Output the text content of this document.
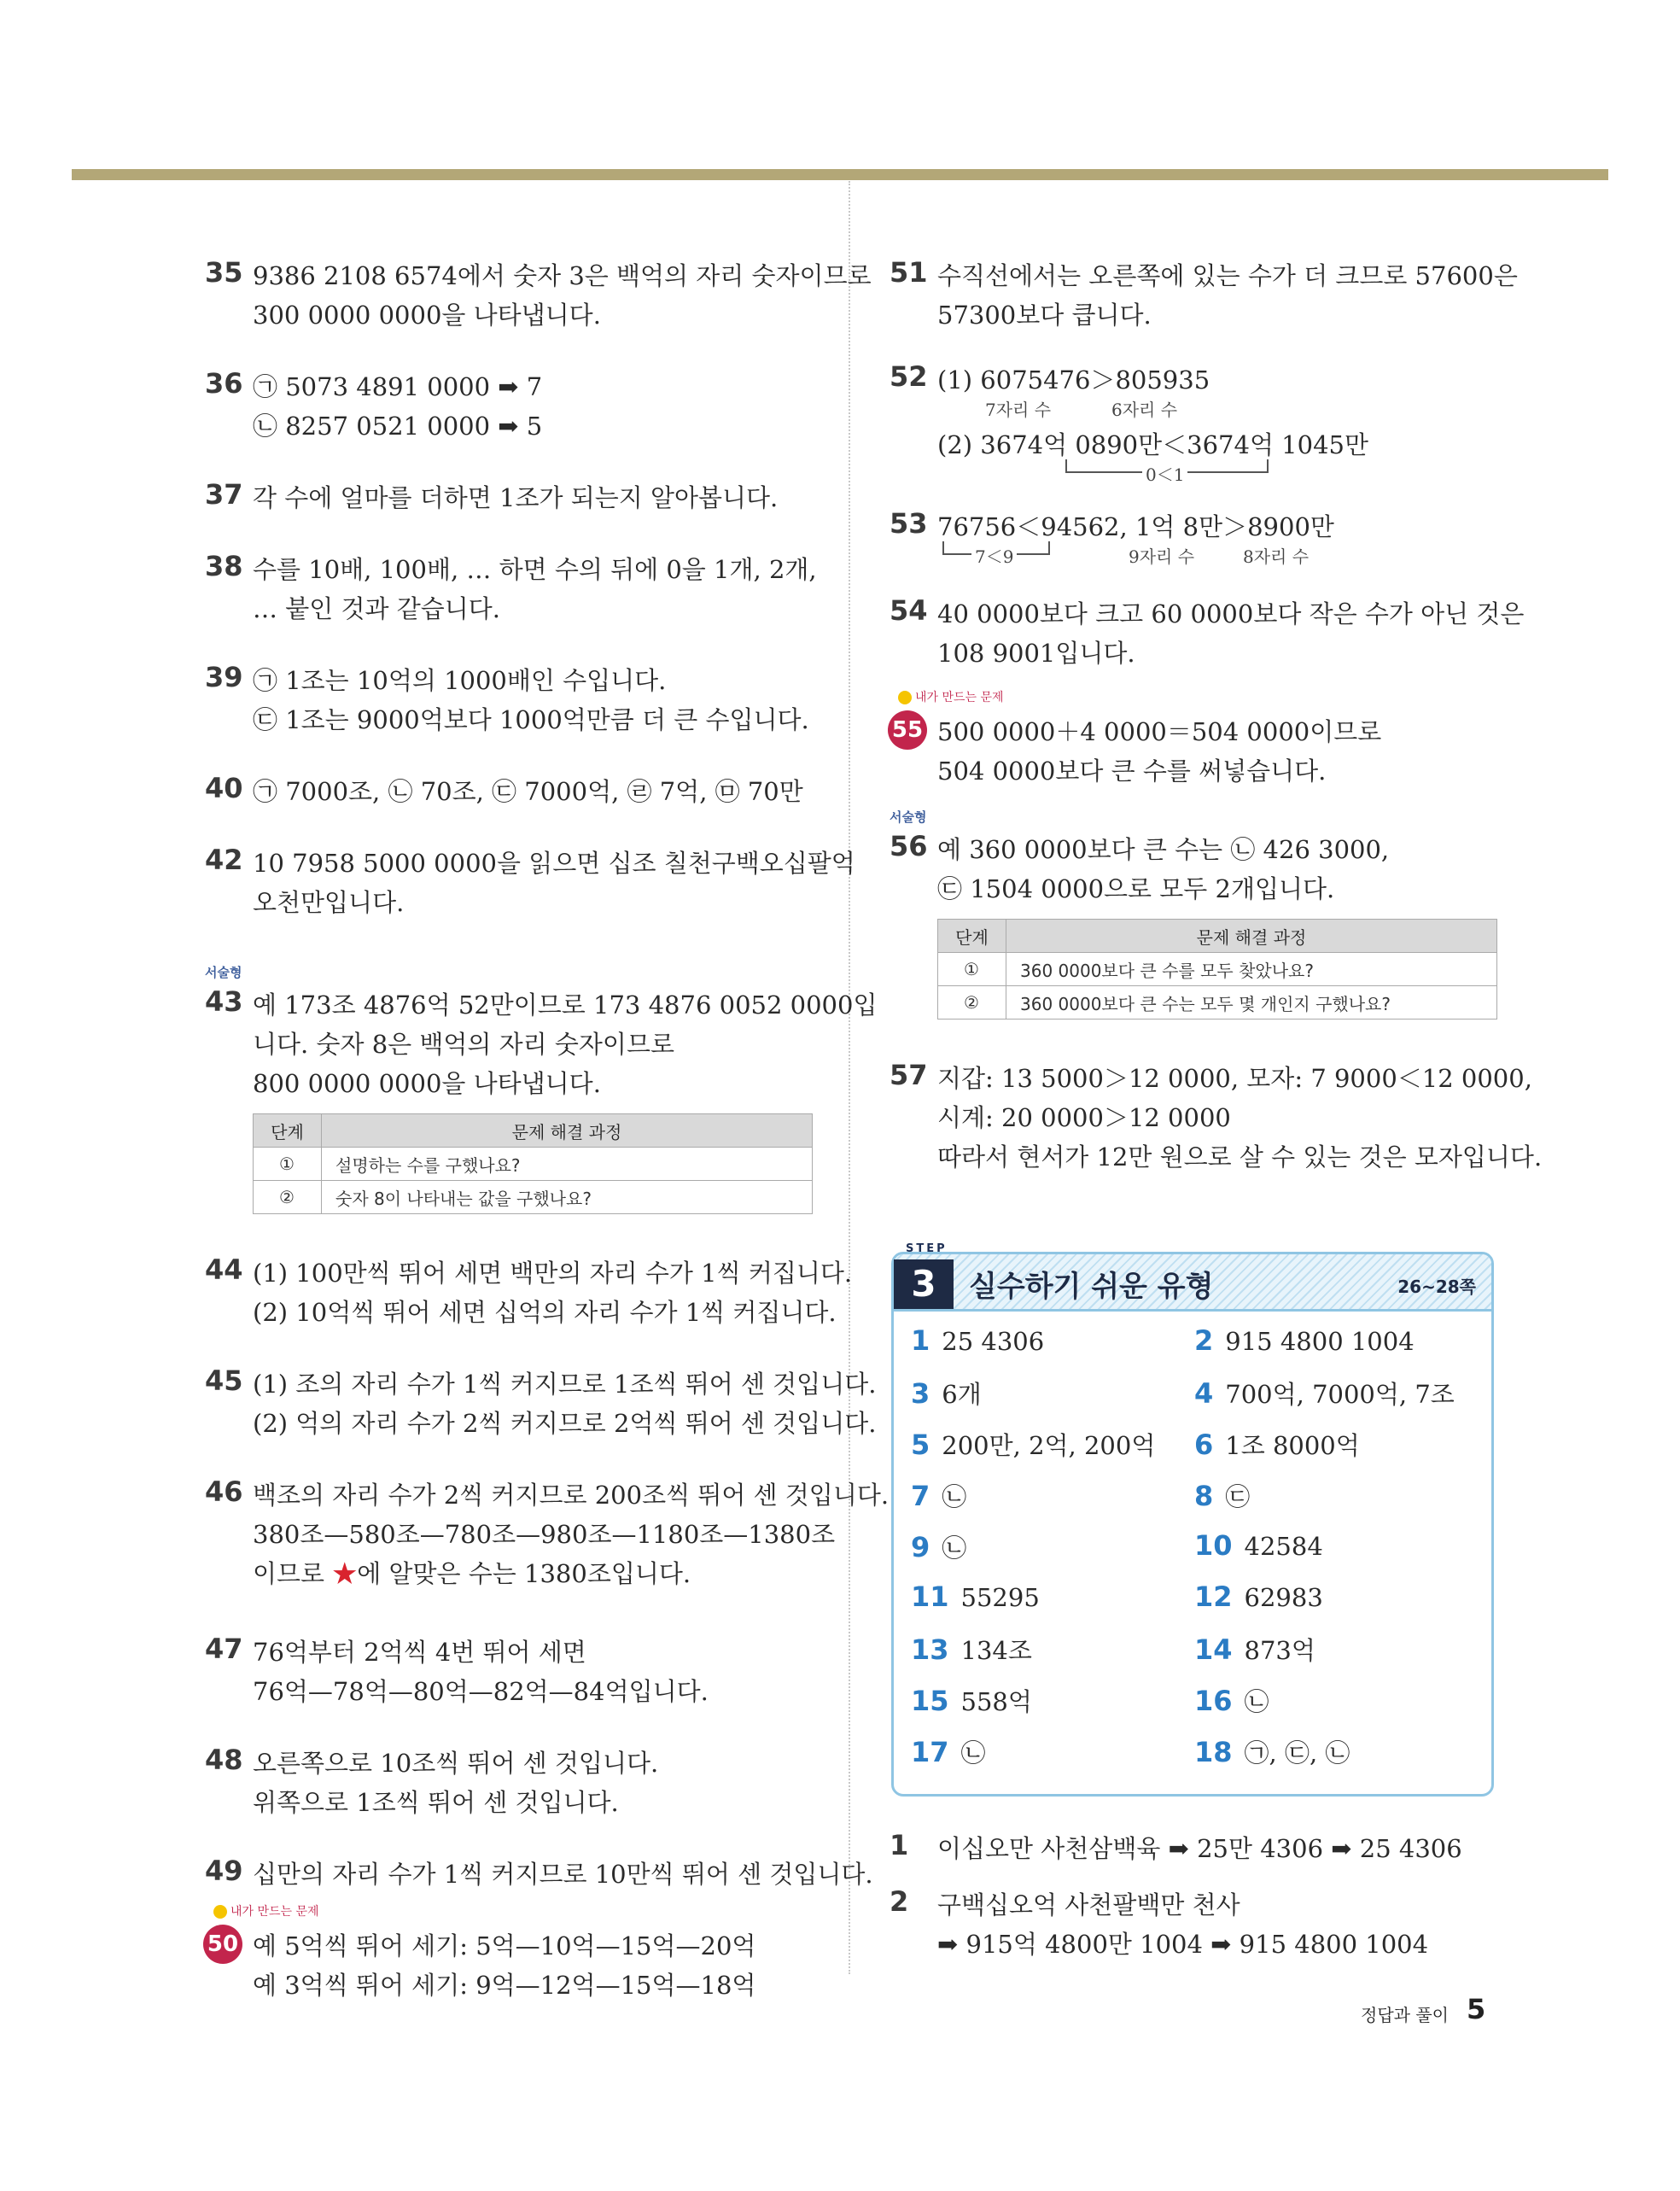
35 9386 2108 6574에서 숫자 3은 백억의 자리 숫자이므로
300 0000 0000을 나타냅니다.
36 ㉠ 5073 4891 0000 ➡ 7
㉡ 8257 0521 0000 ➡ 5
37 각 수에 얼마를 더하면 1조가 되는지 알아봅니다.
38 수를 10배, 100배, … 하면 수의 뒤에 0을 1개, 2개,
… 붙인 것과 같습니다.
39 ㉠ 1조는 10억의 1000배인 수입니다.
㉢ 1조는 9000억보다 1000억만큼 더 큰 수입니다.
40 ㉠ 7000조, ㉡ 70조, ㉢ 7000억, ㉣ 7억, ㉤ 70만
42 10 7958 5000 0000을 읽으면 십조 칠천구백오십팔억
오천만입니다.
서술형
43 예 173조 4876억 52만이므로 173 4876 0052 0000입
니다. 숫자 8은 백억의 자리 숫자이므로
800 0000 0000을 나타냅니다.
단계	문제 해결 과정
①	설명하는 수를 구했나요?
②	숫자 8이 나타내는 값을 구했나요?
44 (1) 100만씩 뛰어 세면 백만의 자리 수가 1씩 커집니다.
(2) 10억씩 뛰어 세면 십억의 자리 수가 1씩 커집니다.
45 (1) 조의 자리 수가 1씩 커지므로 1조씩 뛰어 센 것입니다.
(2) 억의 자리 수가 2씩 커지므로 2억씩 뛰어 센 것입니다.
46 백조의 자리 수가 2씩 커지므로 200조씩 뛰어 센 것입니다.
380조—580조—780조—980조—1180조—1380조
이므로 ★에 알맞은 수는 1380조입니다.
47 76억부터 2억씩 4번 뛰어 세면
76억—78억—80억—82억—84억입니다.
48 오른쪽으로 10조씩 뛰어 센 것입니다.
위쪽으로 1조씩 뛰어 센 것입니다.
49 십만의 자리 수가 1씩 커지므로 10만씩 뛰어 센 것입니다.
내가 만드는 문제
50 예 5억씩 뛰어 세기: 5억—10억—15억—20억
예 3억씩 뛰어 세기: 9억—12억—15억—18억
51 수직선에서는 오른쪽에 있는 수가 더 크므로 57600은
57300보다 큽니다.
52 (1) 6075476＞805935
7자리 수	6자리 수
(2) 3674억 0890만＜3674억 1045만
0＜1
53 76756＜94562, 1억 8만＞8900만
7＜9	9자리 수	8자리 수
54 40 0000보다 크고 60 0000보다 작은 수가 아닌 것은
108 9001입니다.
내가 만드는 문제
55 500 0000＋4 0000＝504 0000이므로
504 0000보다 큰 수를 써넣습니다.
서술형
56 예 360 0000보다 큰 수는 ㉡ 426 3000,
㉢ 1504 0000으로 모두 2개입니다.
단계	문제 해결 과정
①	360 0000보다 큰 수를 모두 찾았나요?
②	360 0000보다 큰 수는 모두 몇 개인지 구했나요?
57 지갑: 13 5000＞12 0000, 모자: 7 9000＜12 0000,
시계: 20 0000＞12 0000
따라서 현서가 12만 원으로 살 수 있는 것은 모자입니다.
STEP
3	실수하기 쉬운 유형	26~28쪽
1 25 4306	2 915 4800 1004
3 6개	4 700억, 7000억, 7조
5 200만, 2억, 200억	6 1조 8000억
7 ㉡	8 ㉢
9 ㉡	10 42584
11 55295	12 62983
13 134조	14 873억
15 558억	16 ㉡
17 ㉡	18 ㉠, ㉢, ㉡
1 이십오만 사천삼백육 ➡ 25만 4306 ➡ 25 4306
2 구백십오억 사천팔백만 천사
➡ 915억 4800만 1004 ➡ 915 4800 1004
정답과 풀이 5
